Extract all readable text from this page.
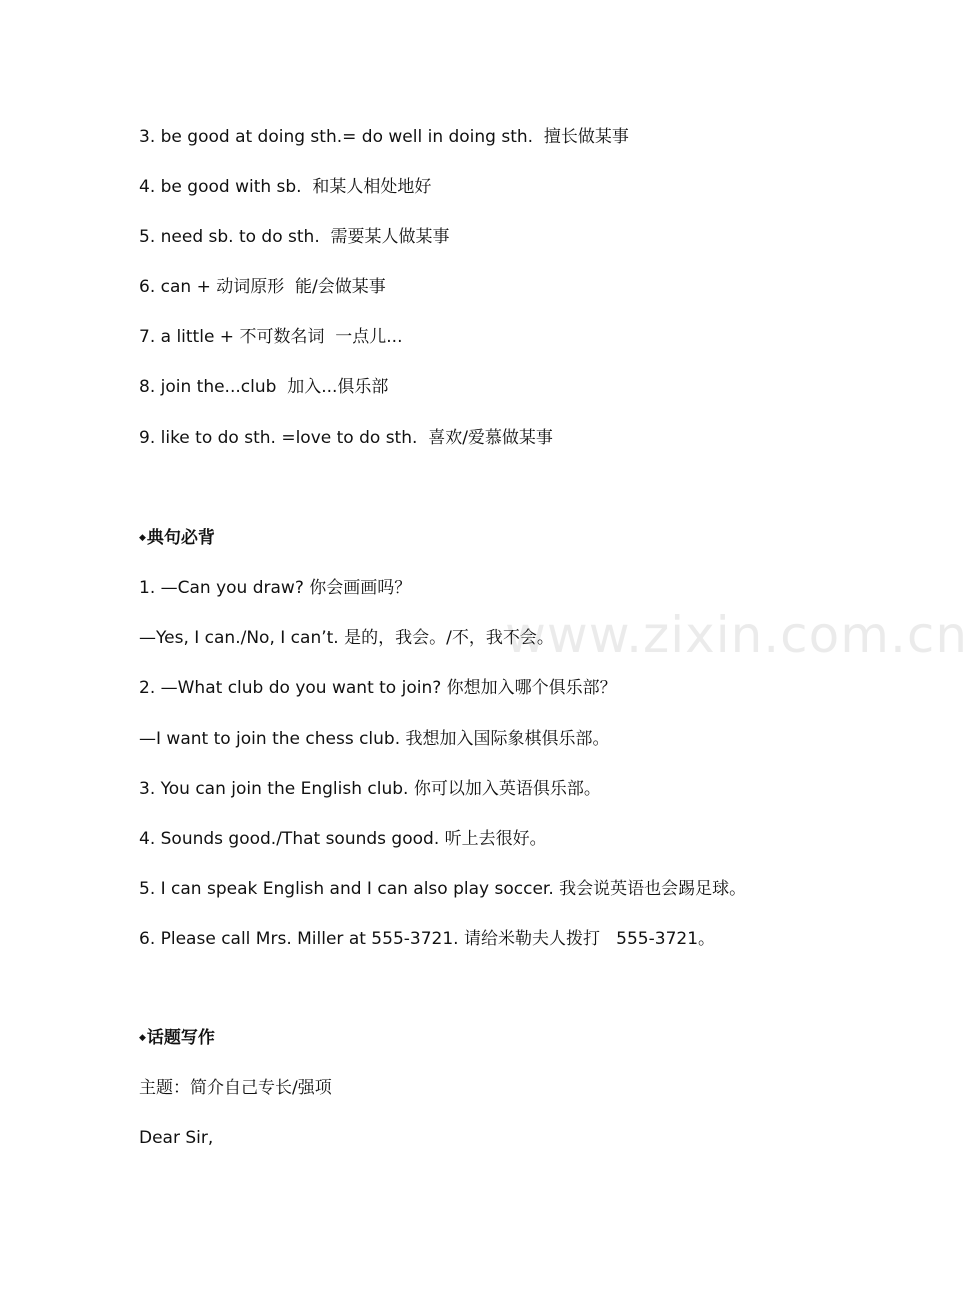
3. be good at doing sth.= do well in doing sth.  擅长做某事

4. be good with sb.  和某人相处地好

5. need sb. to do sth.  需要某人做某事

6. can + 动词原形  能/会做某事

7. a little + 不可数名词  一点儿...

8. join the...club  加入...俱乐部

9. like to do sth. =love to do sth.  喜欢/爱慕做某事

◆典句必背

1. —Can you draw? 你会画画吗？

—Yes, I can./No, I can’t. 是的，我会。/不，我不会。

2. —What club do you want to join? 你想加入哪个俱乐部？

—I want to join the chess club. 我想加入国际象棋俱乐部。

3. You can join the English club. 你可以加入英语俱乐部。

4. Sounds good./That sounds good. 听上去很好。

5. I can speak English and I can also play soccer. 我会说英语也会踢足球。

6. Please call Mrs. Miller at 555-3721. 请给米勒夫人拨打   555-3721。

◆话题写作

主题：简介自己专长/强项

Dear Sir,

www.zixin.com.cn
